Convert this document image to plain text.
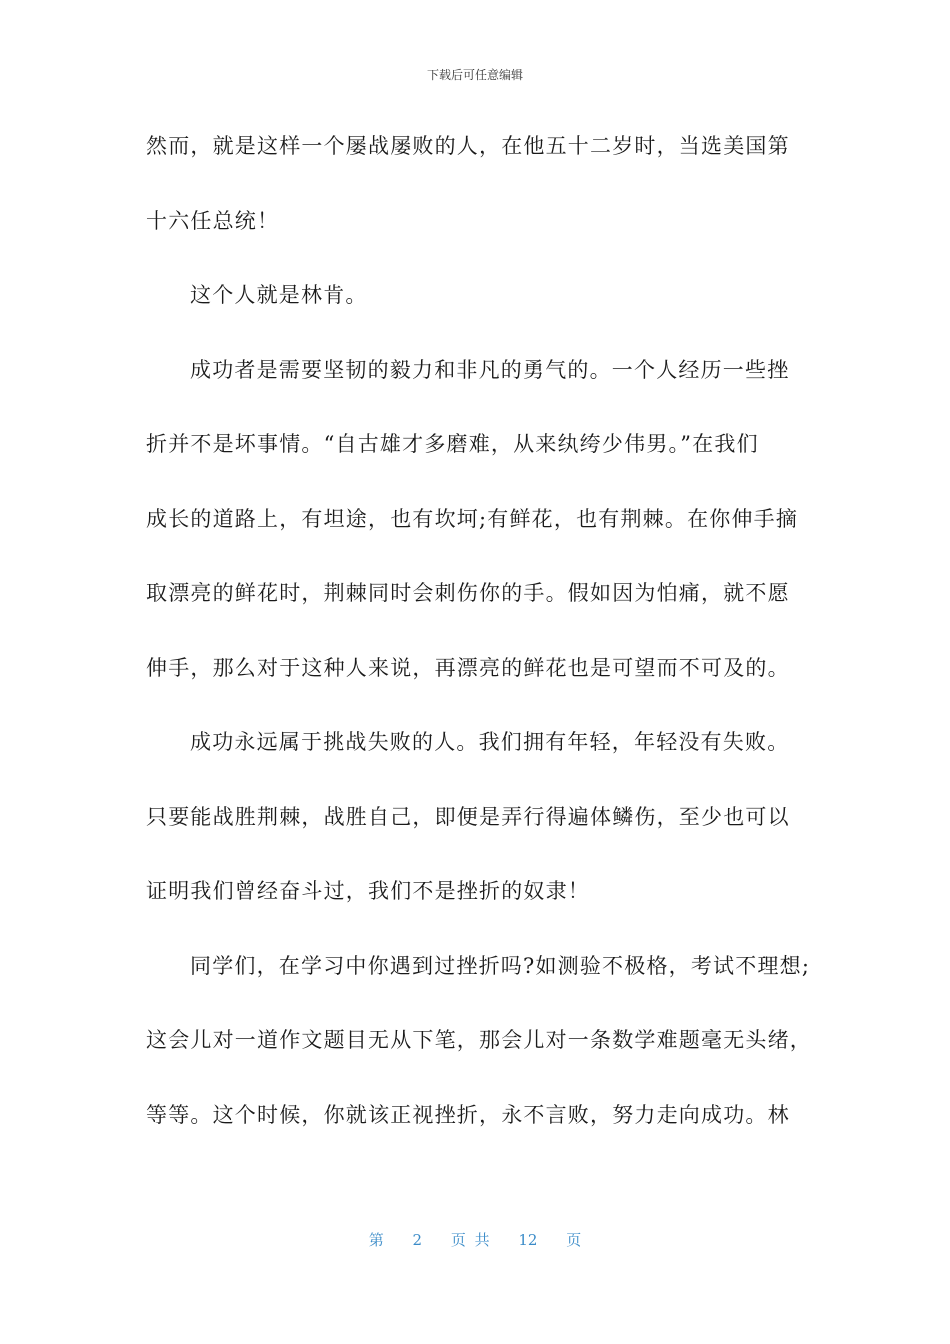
下载后可任意编辑
然而，就是这样一个屡战屡败的人，在他五十二岁时，当选美国第
十六任总统！
这个人就是林肯。
成功者是需要坚韧的毅力和非凡的勇气的。一个人经历一些挫
折并不是坏事情。“自古雄才多磨难，从来纨绔少伟男。”在我们
成长的道路上，有坦途，也有坎坷;有鲜花，也有荆棘。在你伸手摘
取漂亮的鲜花时，荆棘同时会刺伤你的手。假如因为怕痛，就不愿
伸手，那么对于这种人来说，再漂亮的鲜花也是可望而不可及的。
成功永远属于挑战失败的人。我们拥有年轻，年轻没有失败。
只要能战胜荆棘，战胜自己，即便是弄行得遍体鳞伤，至少也可以
证明我们曾经奋斗过，我们不是挫折的奴隶！
同学们，在学习中你遇到过挫折吗?如测验不极格，考试不理想;
这会儿对一道作文题目无从下笔，那会儿对一条数学难题毫无头绪，
等等。这个时候，你就该正视挫折，永不言败，努力走向成功。林
第 2 页 共 12 页
